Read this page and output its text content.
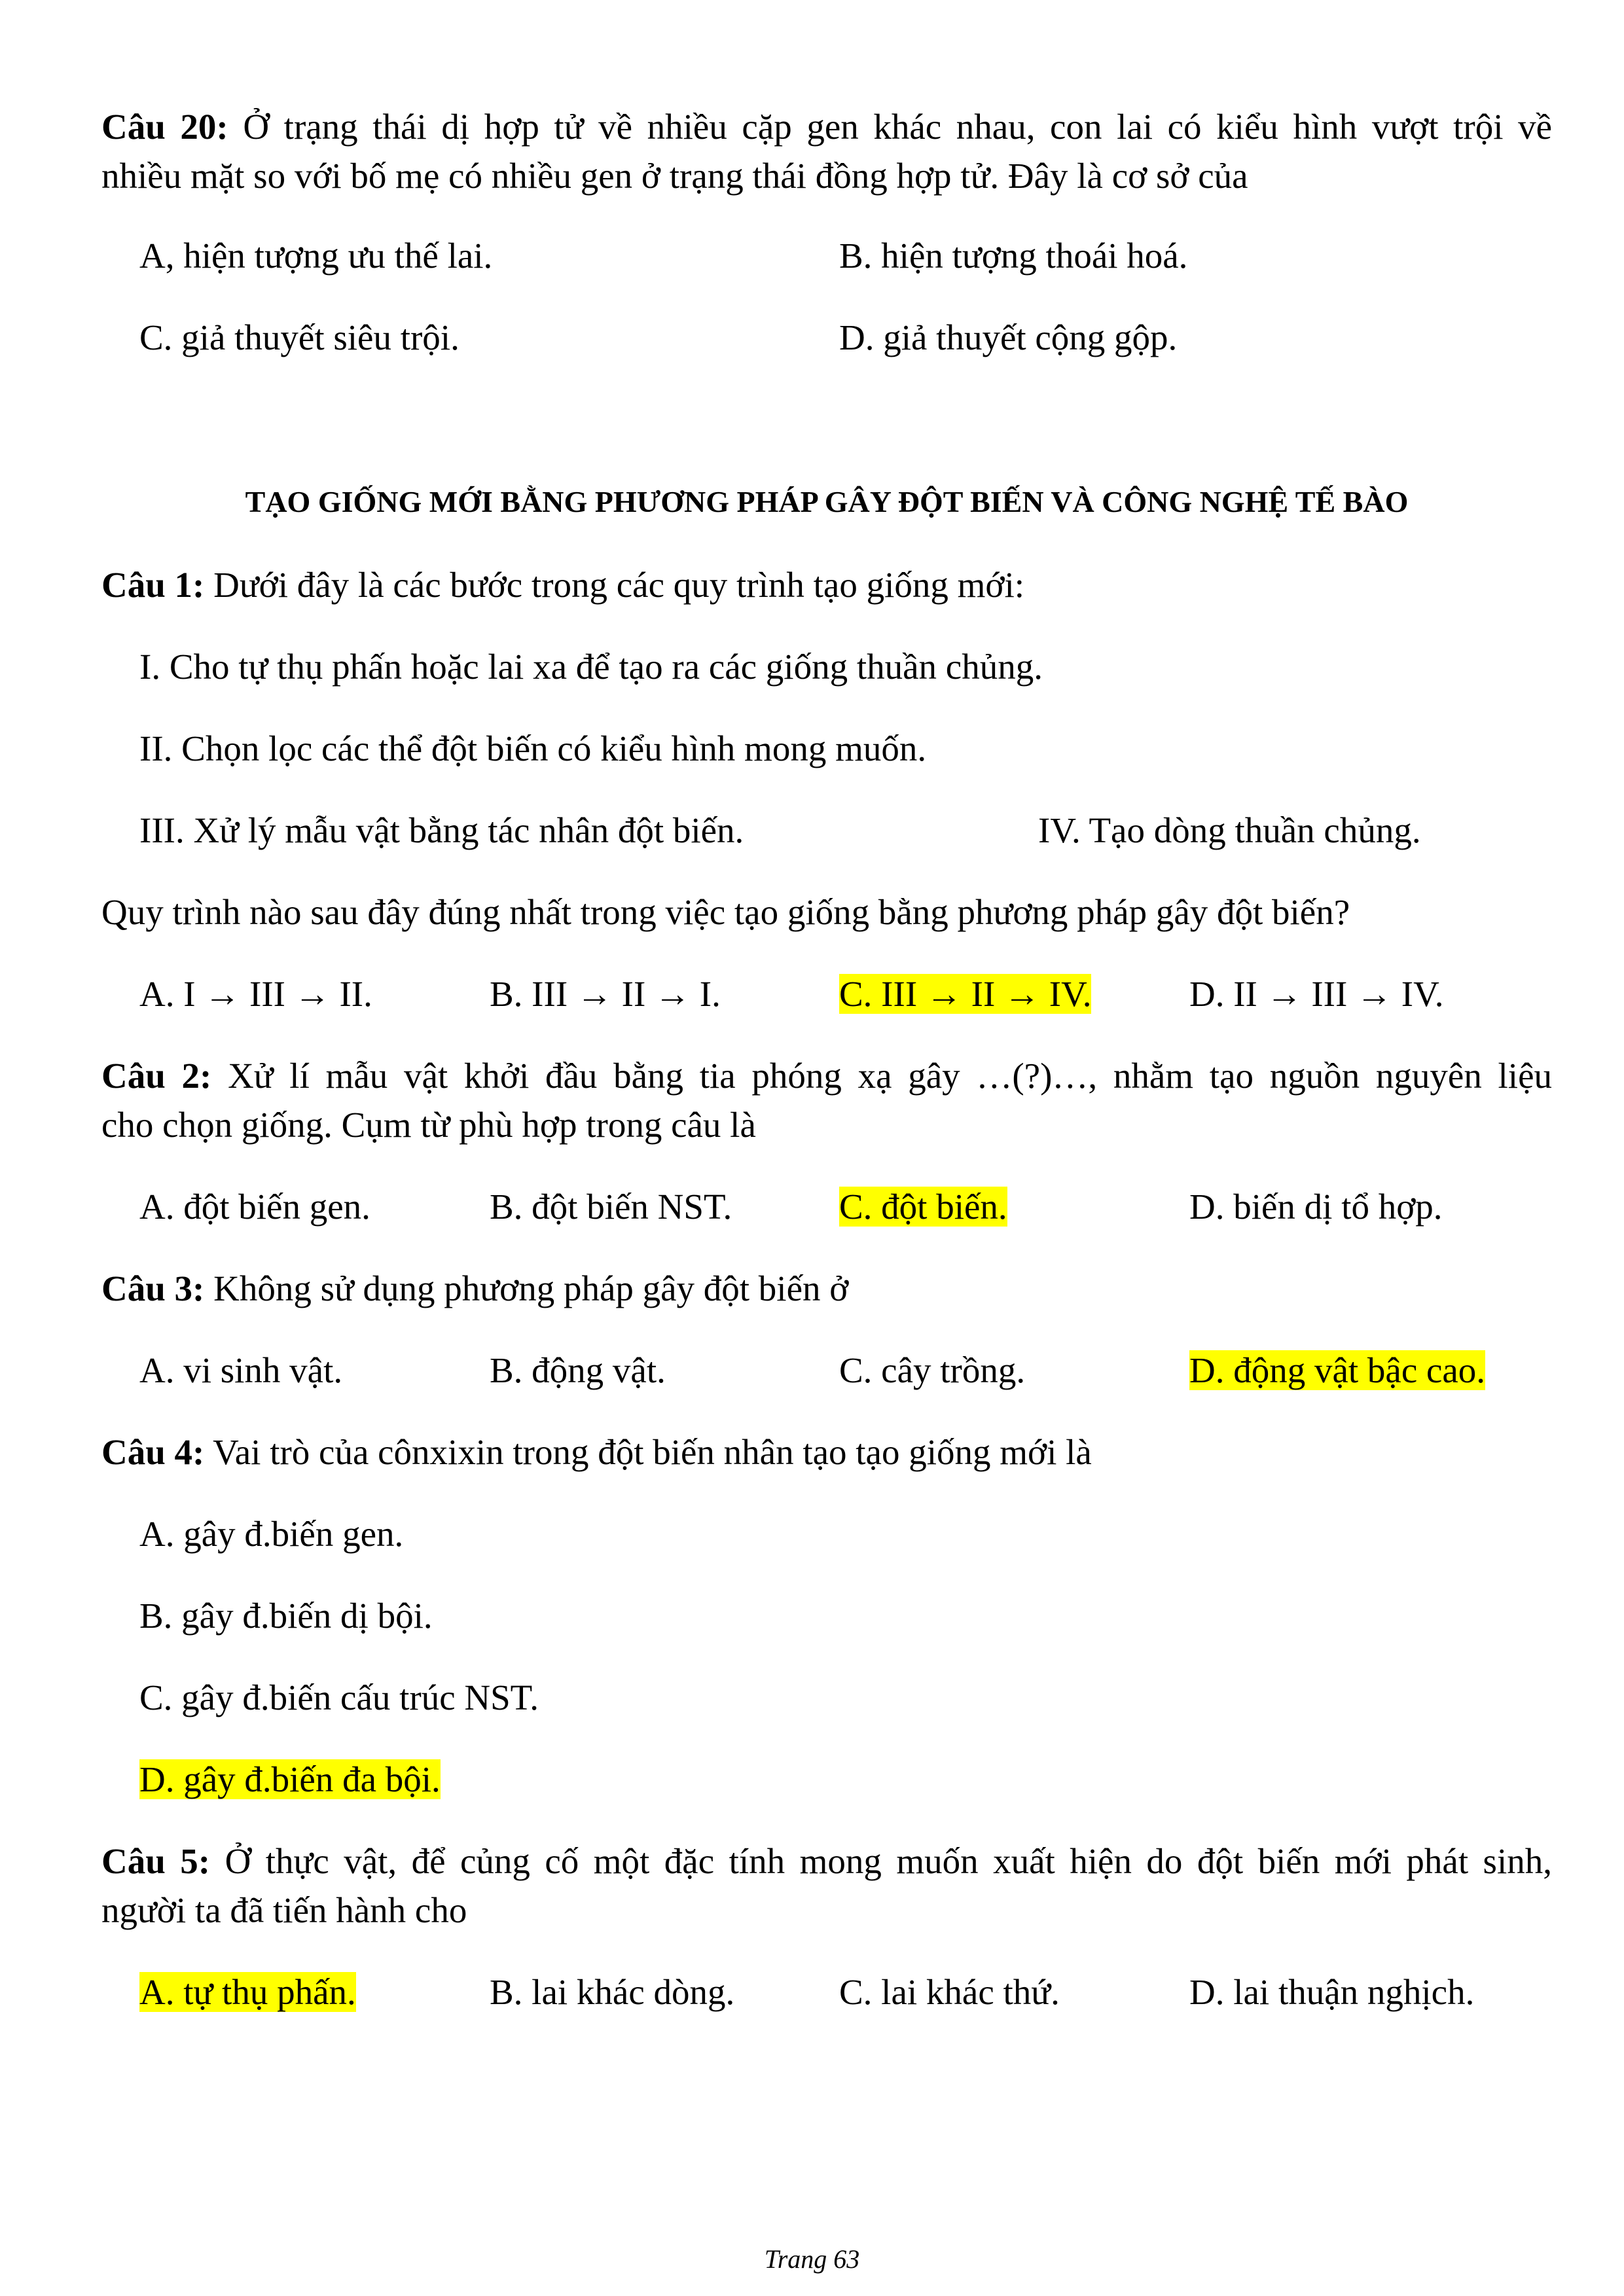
Câu 20: Ở trạng thái dị hợp tử về nhiều cặp gen khác nhau, con lai có kiểu hình vượt trội về
nhiều mặt so với bố mẹ có nhiều gen ở trạng thái đồng hợp tử. Đây là cơ sở của
A, hiện tượng ưu thế lai.	B. hiện tượng thoái hoá.
C. giả thuyết siêu trội.	D. giả thuyết cộng gộp.
TẠO GIỐNG MỚI BẰNG PHƯƠNG PHÁP GÂY ĐỘT BIẾN VÀ CÔNG NGHỆ TẾ BÀO
Câu 1: Dưới đây là các bước trong các quy trình tạo giống mới:
I. Cho tự thụ phấn hoặc lai xa để tạo ra các giống thuần chủng.
II. Chọn lọc các thể đột biến có kiểu hình mong muốn.
III. Xử lý mẫu vật bằng tác nhân đột biến.	IV. Tạo dòng thuần chủng.
Quy trình nào sau đây đúng nhất trong việc tạo giống bằng phương pháp gây đột biến?
A. I → III → II.	B. III → II → I.	C. III → II → IV.	D. II → III → IV.
Câu 2: Xử lí mẫu vật khởi đầu bằng tia phóng xạ gây …(?)…, nhằm tạo nguồn nguyên liệu
cho chọn giống. Cụm từ phù hợp trong câu là
A. đột biến gen.	B. đột biến NST.	C. đột biến.	D. biến dị tổ hợp.
Câu 3: Không sử dụng phương pháp gây đột biến ở
A. vi sinh vật.	B. động vật.	C. cây trồng.	D. động vật bậc cao.
Câu 4: Vai trò của cônxixin trong đột biến nhân tạo tạo giống mới là
A. gây đ.biến gen.
B. gây đ.biến dị bội.
C. gây đ.biến cấu trúc NST.
D. gây đ.biến đa bội.
Câu 5: Ở thực vật, để củng cố một đặc tính mong muốn xuất hiện do đột biến mới phát sinh,
người ta đã tiến hành cho
A. tự thụ phấn.	B. lai khác dòng.	C. lai khác thứ.	D. lai thuận nghịch.
Trang 63
